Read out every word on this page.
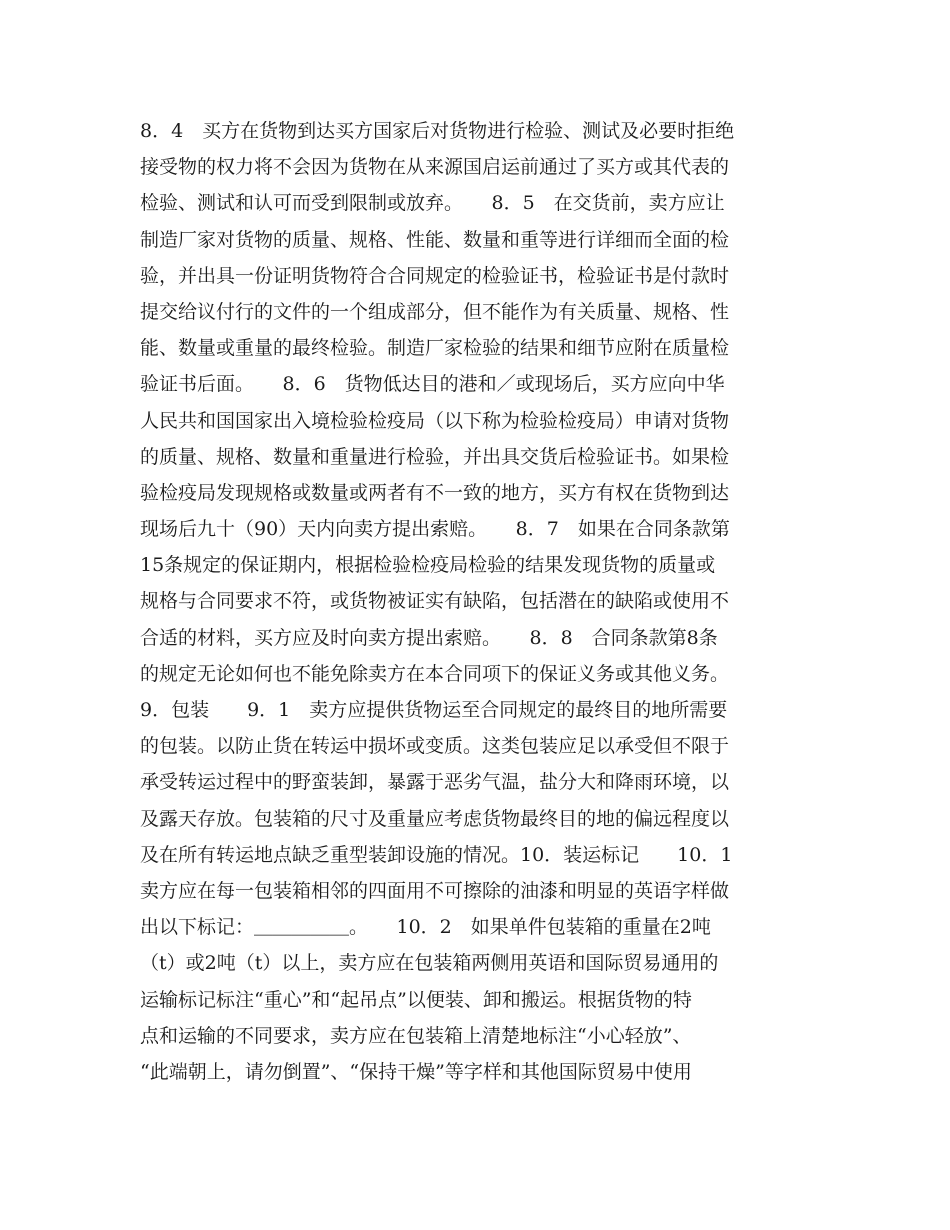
8．4　买方在货物到达买方国家后对货物进行检验、测试及必要时拒绝
接受物的权力将不会因为货物在从来源国启运前通过了买方或其代表的
检验、测试和认可而受到限制或放弃。　　8．5　在交货前，卖方应让
制造厂家对货物的质量、规格、性能、数量和重等进行详细而全面的检
验，并出具一份证明货物符合合同规定的检验证书，检验证书是付款时
提交给议付行的文件的一个组成部分，但不能作为有关质量、规格、性
能、数量或重量的最终检验。制造厂家检验的结果和细节应附在质量检
验证书后面。　　8．6　货物低达目的港和／或现场后，买方应向中华
人民共和国国家出入境检验检疫局（以下称为检验检疫局）申请对货物
的质量、规格、数量和重量进行检验，并出具交货后检验证书。如果检
验检疫局发现规格或数量或两者有不一致的地方，买方有权在货物到达
现场后九十（90）天内向卖方提出索赔。　　8．7　如果在合同条款第
15条规定的保证期内，根据检验检疫局检验的结果发现货物的质量或
规格与合同要求不符，或货物被证实有缺陷，包括潜在的缺陷或使用不
合适的材料，买方应及时向卖方提出索赔。　　8．8　合同条款第8条
的规定无论如何也不能免除卖方在本合同项下的保证义务或其他义务。
9．包装　　9．1　卖方应提供货物运至合同规定的最终目的地所需要
的包装。以防止货在转运中损坏或变质。这类包装应足以承受但不限于
承受转运过程中的野蛮装卸，暴露于恶劣气温，盐分大和降雨环境，以
及露天存放。包装箱的尺寸及重量应考虑货物最终目的地的偏远程度以
及在所有转运地点缺乏重型装卸设施的情况。10．装运标记　　10．1
卖方应在每一包装箱相邻的四面用不可擦除的油漆和明显的英语字样做
出以下标记：＿＿＿＿＿。　　10．2　如果单件包装箱的重量在2吨
（t）或2吨（t）以上，卖方应在包装箱两侧用英语和国际贸易通用的
运输标记标注“重心”和“起吊点”以便装、卸和搬运。根据货物的特
点和运输的不同要求，卖方应在包装箱上清楚地标注“小心轻放”、
“此端朝上，请勿倒置”、“保持干燥”等字样和其他国际贸易中使用
